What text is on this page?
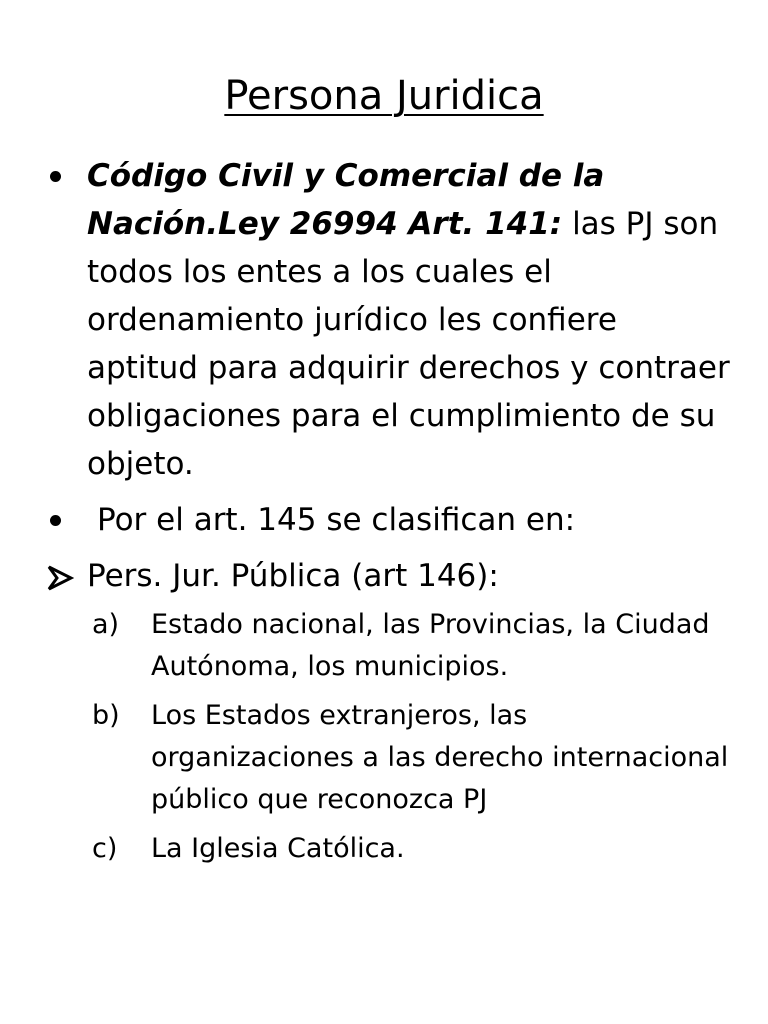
Persona Juridica
Código Civil y Comercial de la Nación.Ley 26994 Art. 141: las PJ son todos los entes a los cuales el ordenamiento jurídico les confiere aptitud para adquirir derechos y contraer obligaciones para el cumplimiento de su objeto.
Por el art. 145 se clasifican en:
Pers. Jur. Pública (art 146):
a) Estado nacional, las Provincias, la Ciudad Autónoma, los municipios.
b) Los Estados extranjeros, las organizaciones a las derecho internacional público que reconozca PJ
c) La Iglesia Católica.
